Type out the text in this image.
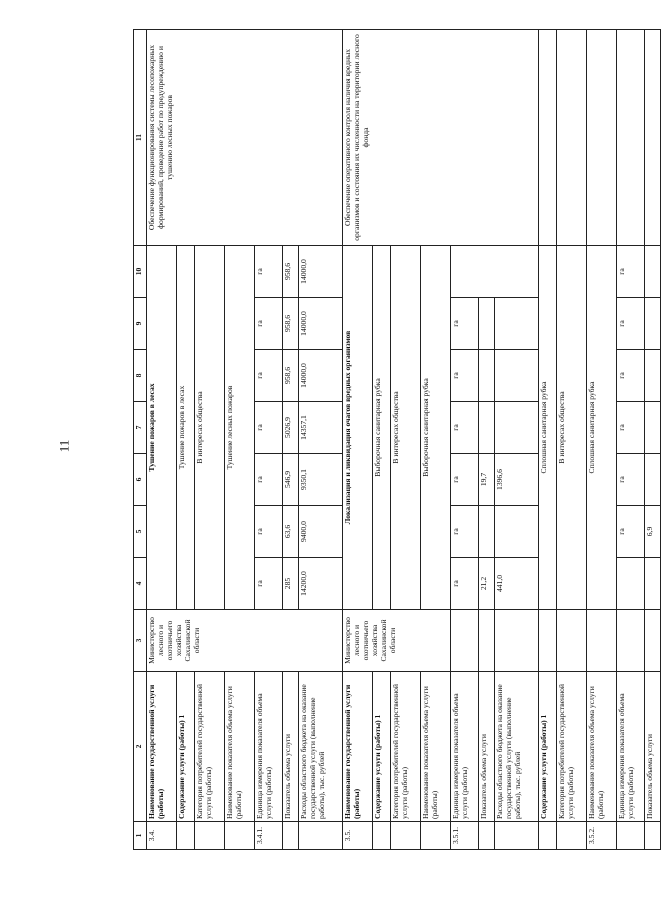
11
1	2	3	4	5	6	7	8	9	10	11
3.4.	Наименование государственной услуги (работы)	Министерство лесного и охотничьего хозяйства Сахалинской области	Тушение пожаров в лесах							Обеспечение функционирования системы лесопожарных формирований, проведение работ по предупреждению и тушению лесных пожаров
	Содержание услуги (работы) 1		Тушение пожаров в лесах							
	Категория потребителей государственной услуги (работы)		В интересах общества							
	Наименование показателя объема услуги (работы)		Тушение лесных пожаров							
3.4.1.	Единица измерения показателя объема услуги (работы)		га	га	га	га	га	га	га	
	Показатель объема услуги		285	63,6	546,9	5026,9	958,6	958,6	958,6	
	Расходы областного бюджета на оказание государственной услуги (выполнение работы), тыс. рублей		14200,0	9400,0	9350,1	14357,1	14000,0	14000,0	14000,0	
3.5.	Наименование государственной услуги (работы)	Министерство лесного и охотничьего хозяйства Сахалинской области	Локализация и ликвидация очагов вредных организмов							Обеспечение оперативного контроля наличия вредных организмов и состояния их численности на территории лесного фонда
	Содержание услуги (работы) 1		Выборочная санитарная рубка							
	Категория потребителей государственной услуги (работы)		В интересах общества							
	Наименование показателя объема услуги (работы)		Выборочная санитарная рубка							
3.5.1.	Единица измерения показателя объема услуги (работы)		га	га	га	га	га	га		
	Показатель объема услуги		21,2		19,7					
	Расходы областного бюджета на оказание государственной услуги (выполнение работы), тыс. рублей		441,0		1396,6					
	Содержание услуги (работы) 1		Сплошная санитарная рубка							
	Категория потребителей государственной услуги (работы)		В интересах общества							
3.5.2.	Наименование показателя объема услуги (работы)		Сплошная санитарная рубка							
	Единица измерения показателя объема услуги (работы)			га	га	га	га	га	га	
	Показатель объема услуги			6,9						
